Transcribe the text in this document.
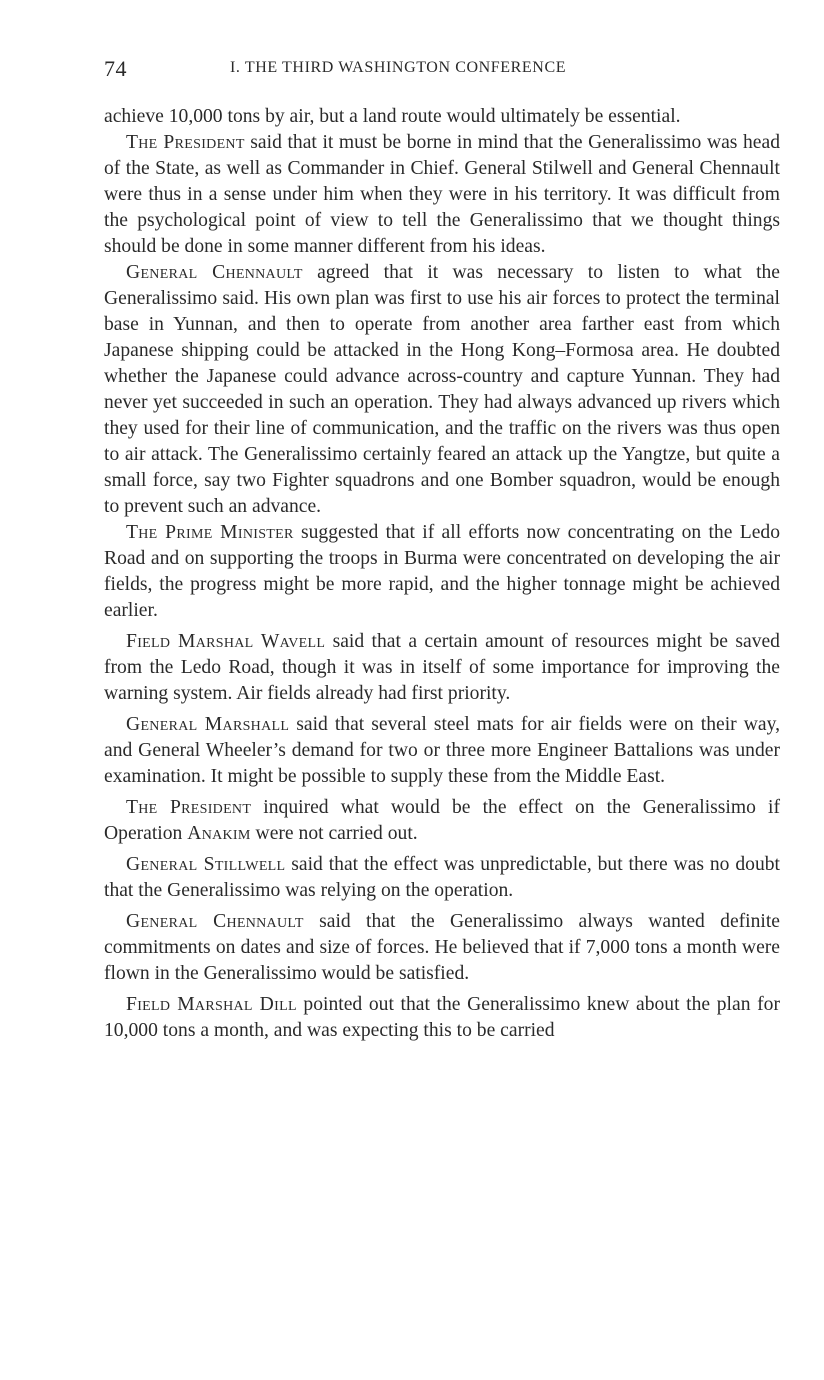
74	I. THE THIRD WASHINGTON CONFERENCE

achieve 10,000 tons by air, but a land route would ultimately be essential.

The President said that it must be borne in mind that the Generalissimo was head of the State, as well as Commander in Chief. General Stilwell and General Chennault were thus in a sense under him when they were in his territory. It was difficult from the psychological point of view to tell the Generalissimo that we thought things should be done in some manner different from his ideas.

General Chennault agreed that it was necessary to listen to what the Generalissimo said. His own plan was first to use his air forces to protect the terminal base in Yunnan, and then to operate from another area farther east from which Japanese shipping could be attacked in the Hong Kong–Formosa area. He doubted whether the Japanese could advance across-country and capture Yunnan. They had never yet succeeded in such an operation. They had always advanced up rivers which they used for their line of communication, and the traffic on the rivers was thus open to air attack. The Generalissimo certainly feared an attack up the Yangtze, but quite a small force, say two Fighter squadrons and one Bomber squadron, would be enough to prevent such an advance.

The Prime Minister suggested that if all efforts now concentrating on the Ledo Road and on supporting the troops in Burma were concentrated on developing the air fields, the progress might be more rapid, and the higher tonnage might be achieved earlier.

Field Marshal Wavell said that a certain amount of resources might be saved from the Ledo Road, though it was in itself of some importance for improving the warning system. Air fields already had first priority.

General Marshall said that several steel mats for air fields were on their way, and General Wheeler’s demand for two or three more Engineer Battalions was under examination. It might be possible to supply these from the Middle East.

The President inquired what would be the effect on the Generalissimo if Operation Anakim were not carried out.

General Stillwell said that the effect was unpredictable, but there was no doubt that the Generalissimo was relying on the operation.

General Chennault said that the Generalissimo always wanted definite commitments on dates and size of forces. He believed that if 7,000 tons a month were flown in the Generalissimo would be satisfied.

Field Marshal Dill pointed out that the Generalissimo knew about the plan for 10,000 tons a month, and was expecting this to be carried
